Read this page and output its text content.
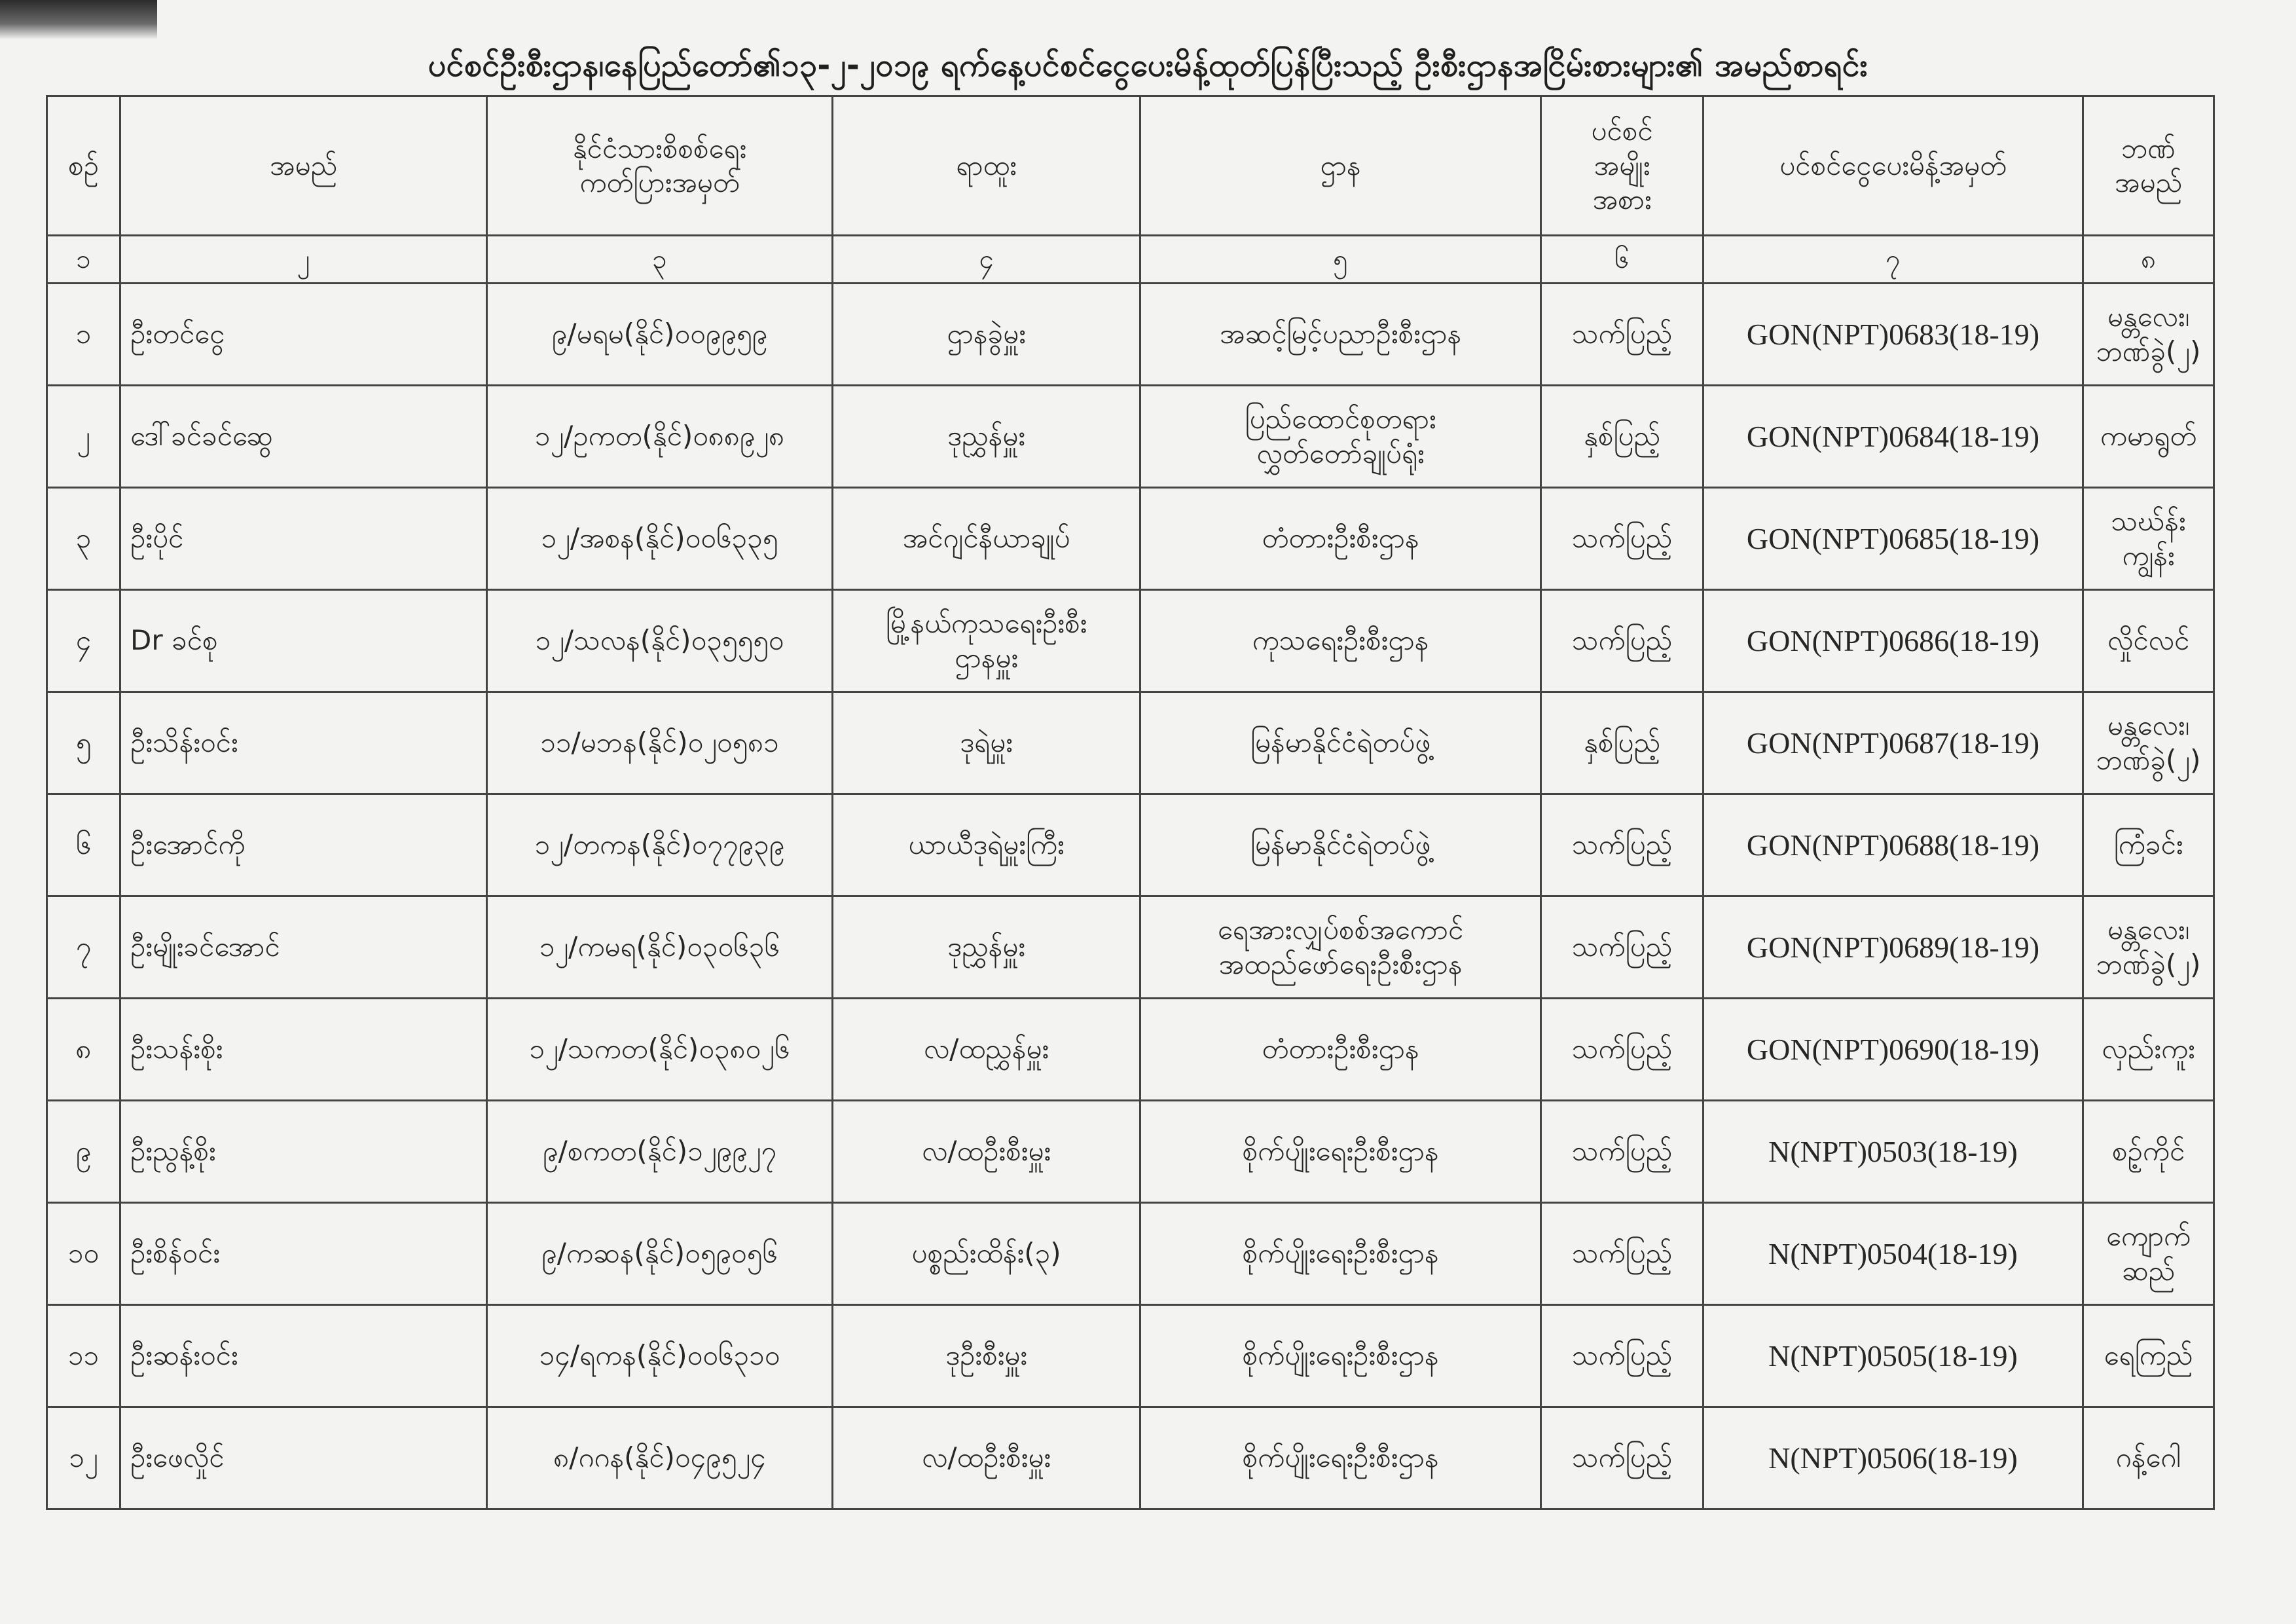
ပင်စင်ဦးစီးဌာန၊နေပြည်တော်၏၁၃-၂-၂၀၁၉ ရက်နေ့ပင်စင်ငွေပေးမိန့်ထုတ်ပြန်ပြီးသည့် ဦးစီးဌာနအငြိမ်းစားများ၏ အမည်စာရင်း
စဉ်	အမည်	နိုင်ငံသားစိစစ်ရေး
ကတ်ပြားအမှတ်	ရာထူး	ဌာန	ပင်စင်
အမျိုး
အစား	ပင်စင်ငွေပေးမိန့်အမှတ်	ဘဏ်အမည်
၁	၂	၃	၄	၅	၆	၇	၈
၁	ဦးတင်ငွေ	၉/မရမ(နိုင်)၀၀၉၉၅၉	ဌာနခွဲမှူး	အဆင့်မြင့်ပညာဦးစီးဌာန	သက်ပြည့်	GON(NPT)0683(18-19)	မန္တလေး၊
ဘဏ်ခွဲ(၂)
၂	ဒေါ်ခင်ခင်ဆွေ	၁၂/ဥကတ(နိုင်)၀၈၈၉၂၈	ဒုညွှန်မှူး	ပြည်ထောင်စုတရား
လွှတ်တော်ချုပ်ရုံး	နှစ်ပြည့်	GON(NPT)0684(18-19)	ကမာရွတ်
၃	ဦးပိုင်	၁၂/အစန(နိုင်)၀၀၆၃၃၅	အင်ဂျင်နီယာချုပ်	တံတားဦးစီးဌာန	သက်ပြည့်	GON(NPT)0685(18-19)	သဃ်န်းကျွန်း
၄	Dr ခင်စု	၁၂/သလန(နိုင်)၀၃၅၅၅၀	မြို့နယ်ကုသရေးဦးစီး
ဌာနမှူး	ကုသရေးဦးစီးဌာန	သက်ပြည့်	GON(NPT)0686(18-19)	လှိုင်လင်
၅	ဦးသိန်းဝင်း	၁၁/မဘန(နိုင်)၀၂၀၅၈၁	ဒုရဲမှူး	မြန်မာနိုင်ငံရဲတပ်ဖွဲ့	နှစ်ပြည့်	GON(NPT)0687(18-19)	မန္တလေး၊
ဘဏ်ခွဲ(၂)
၆	ဦးအောင်ကို	၁၂/တကန(နိုင်)၀၇၇၉၃၉	ယာယီဒုရဲမှူးကြီး	မြန်မာနိုင်ငံရဲတပ်ဖွဲ့	သက်ပြည့်	GON(NPT)0688(18-19)	ကြံခင်း
၇	ဦးမျိုးခင်အောင်	၁၂/ကမရ(နိုင်)၀၃၀၆၃၆	ဒုညွှန်မှူး	ရေအားလျှပ်စစ်အကောင်
အထည်ဖော်ရေးဦးစီးဌာန	သက်ပြည့်	GON(NPT)0689(18-19)	မန္တလေး၊
ဘဏ်ခွဲ(၂)
၈	ဦးသန်းစိုး	၁၂/သကတ(နိုင်)၀၃၈၀၂၆	လ/ထညွှန်မှူး	တံတားဦးစီးဌာန	သက်ပြည့်	GON(NPT)0690(18-19)	လှည်းကူး
၉	ဦးညွန့်စိုး	၉/စကတ(နိုင်)၁၂၉၉၂၇	လ/ထဦးစီးမှူး	စိုက်ပျိုးရေးဦးစီးဌာန	သက်ပြည့်	N(NPT)0503(18-19)	စဉ့်ကိုင်
၁၀	ဦးစိန်ဝင်း	၉/ကဆန(နိုင်)၀၅၉၀၅၆	ပစ္စည်းထိန်း(၃)	စိုက်ပျိုးရေးဦးစီးဌာန	သက်ပြည့်	N(NPT)0504(18-19)	ကျောက်ဆည်
၁၁	ဦးဆန်းဝင်း	၁၄/ရကန(နိုင်)၀၀၆၃၁၀	ဒုဦးစီးမှူး	စိုက်ပျိုးရေးဦးစီးဌာန	သက်ပြည့်	N(NPT)0505(18-19)	ရေကြည်
၁၂	ဦးဖေလှိုင်	၈/ဂဂန(နိုင်)၀၄၉၅၂၄	လ/ထဦးစီးမှူး	စိုက်ပျိုးရေးဦးစီးဌာန	သက်ပြည့်	N(NPT)0506(18-19)	ဂန့်ဂေါ
